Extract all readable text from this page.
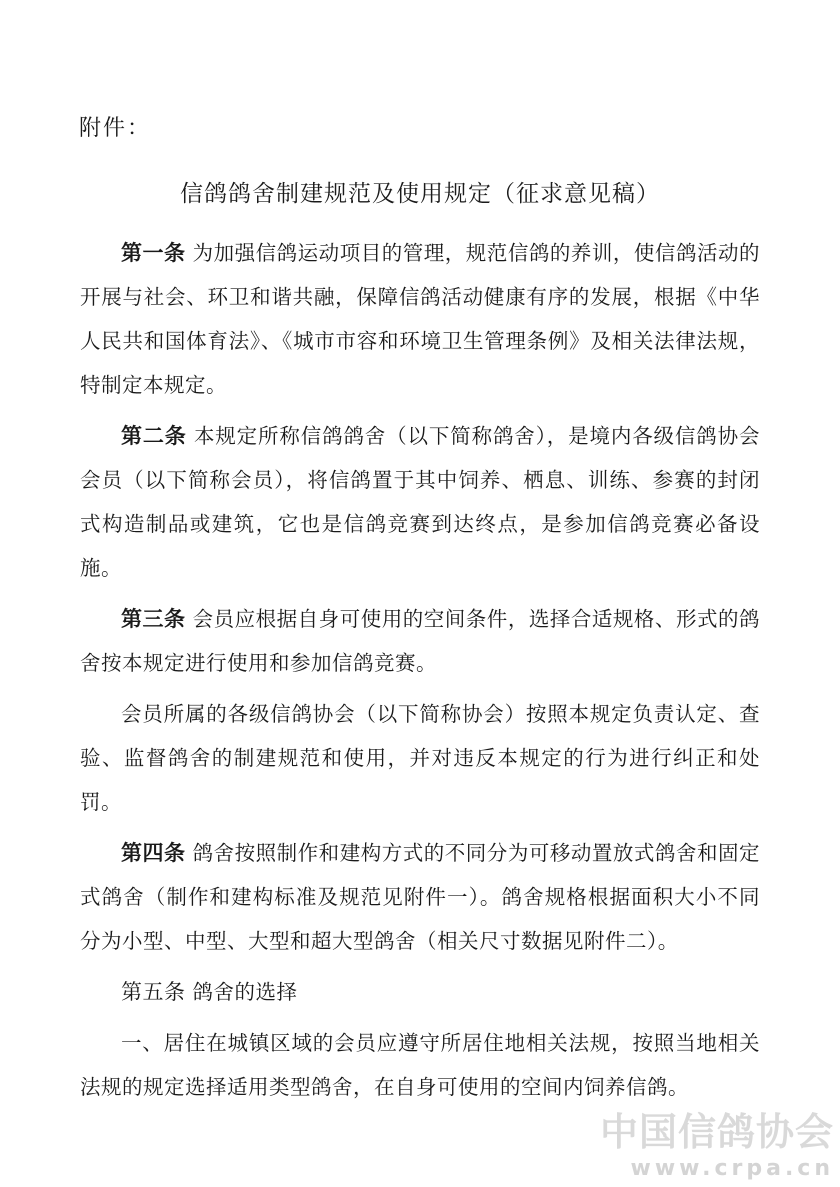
附件：
信鸽鸽舍制建规范及使用规定（征求意见稿）

第一条 为加强信鸽运动项目的管理，规范信鸽的养训，使信鸽活动的开展与社会、环卫和谐共融，保障信鸽活动健康有序的发展，根据《中华人民共和国体育法》、《城市市容和环境卫生管理条例》及相关法律法规，特制定本规定。

第二条 本规定所称信鸽鸽舍（以下简称鸽舍），是境内各级信鸽协会会员（以下简称会员），将信鸽置于其中饲养、栖息、训练、参赛的封闭式构造制品或建筑，它也是信鸽竞赛到达终点，是参加信鸽竞赛必备设施。

第三条 会员应根据自身可使用的空间条件，选择合适规格、形式的鸽舍按本规定进行使用和参加信鸽竞赛。

会员所属的各级信鸽协会（以下简称协会）按照本规定负责认定、查验、监督鸽舍的制建规范和使用，并对违反本规定的行为进行纠正和处罚。

第四条 鸽舍按照制作和建构方式的不同分为可移动置放式鸽舍和固定式鸽舍（制作和建构标准及规范见附件一）。鸽舍规格根据面积大小不同分为小型、中型、大型和超大型鸽舍（相关尺寸数据见附件二）。

第五条 鸽舍的选择

一、居住在城镇区域的会员应遵守所居住地相关法规，按照当地相关法规的规定选择适用类型鸽舍，在自身可使用的空间内饲养信鸽。

中国信鸽协会
www.crpa.cn
